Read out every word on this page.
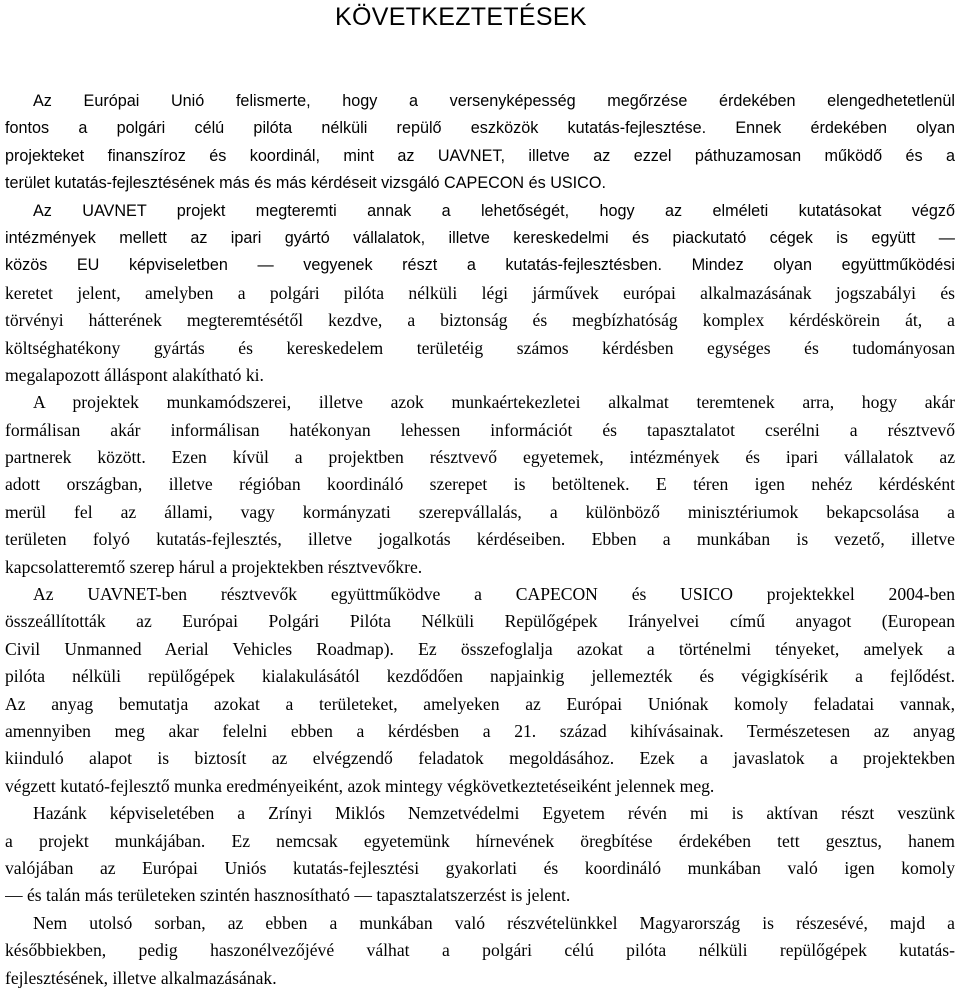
KÖVETKEZTETÉSEK
Az Európai Unió felismerte, hogy a versenyképesség megőrzése érdekében elengedhetetlenül
fontos a polgári célú pilóta nélküli repülő eszközök kutatás-fejlesztése. Ennek érdekében olyan
projekteket finanszíroz és koordinál, mint az UAVNET, illetve az ezzel páthuzamosan működő és a
terület kutatás-fejlesztésének más és más kérdéseit vizsgáló CAPECON és USICO.
Az UAVNET projekt megteremti annak a lehetőségét, hogy az elméleti kutatásokat végző
intézmények mellett az ipari gyártó vállalatok, illetve kereskedelmi és piackutató cégek is együtt —
közös EU képviseletben — vegyenek részt a kutatás-fejlesztésben. Mindez olyan együttműködési
keretet jelent, amelyben a polgári pilóta nélküli légi járművek európai alkalmazásának jogszabályi és
törvényi hátterének megteremtésétől kezdve, a biztonság és megbízhatóság komplex kérdéskörein át, a
költséghatékony gyártás és kereskedelem területéig számos kérdésben egységes és tudományosan
megalapozott álláspont alakítható ki.
A projektek munkamódszerei, illetve azok munkaértekezletei alkalmat teremtenek arra, hogy akár
formálisan akár informálisan hatékonyan lehessen információt és tapasztalatot cserélni a résztvevő
partnerek között. Ezen kívül a projektben résztvevő egyetemek, intézmények és ipari vállalatok az
adott országban, illetve régióban koordináló szerepet is betöltenek. E téren igen nehéz kérdésként
merül fel az állami, vagy kormányzati szerepvállalás, a különböző minisztériumok bekapcsolása a
területen folyó kutatás-fejlesztés, illetve jogalkotás kérdéseiben. Ebben a munkában is vezető, illetve
kapcsolatteremtő szerep hárul a projektekben résztvevőkre.
Az UAVNET-ben résztvevők együttműködve a CAPECON és USICO projektekkel 2004-ben
összeállították az Európai Polgári Pilóta Nélküli Repülőgépek Irányelvei című anyagot (European
Civil Unmanned Aerial Vehicles Roadmap). Ez összefoglalja azokat a történelmi tényeket, amelyek a
pilóta nélküli repülőgépek kialakulásától kezdődően napjainkig jellemezték és végigkísérik a fejlődést.
Az anyag bemutatja azokat a területeket, amelyeken az Európai Uniónak komoly feladatai vannak,
amennyiben meg akar felelni ebben a kérdésben a 21. század kihívásainak. Természetesen az anyag
kiinduló alapot is biztosít az elvégzendő feladatok megoldásához. Ezek a javaslatok a projektekben
végzett kutató-fejlesztő munka eredményeiként, azok mintegy végkövetkeztetéseiként jelennek meg.
Hazánk képviseletében a Zrínyi Miklós Nemzetvédelmi Egyetem révén mi is aktívan részt veszünk
a projekt munkájában. Ez nemcsak egyetemünk hírnevének öregbítése érdekében tett gesztus, hanem
valójában az Európai Uniós kutatás-fejlesztési gyakorlati és koordináló munkában való igen komoly
— és talán más területeken szintén hasznosítható — tapasztalatszerzést is jelent.
Nem utolsó sorban, az ebben a munkában való részvételünkkel Magyarország is részesévé, majd a
későbbiekben, pedig haszonélvezőjévé válhat a polgári célú pilóta nélküli repülőgépek kutatás-
fejlesztésének, illetve alkalmazásának.
